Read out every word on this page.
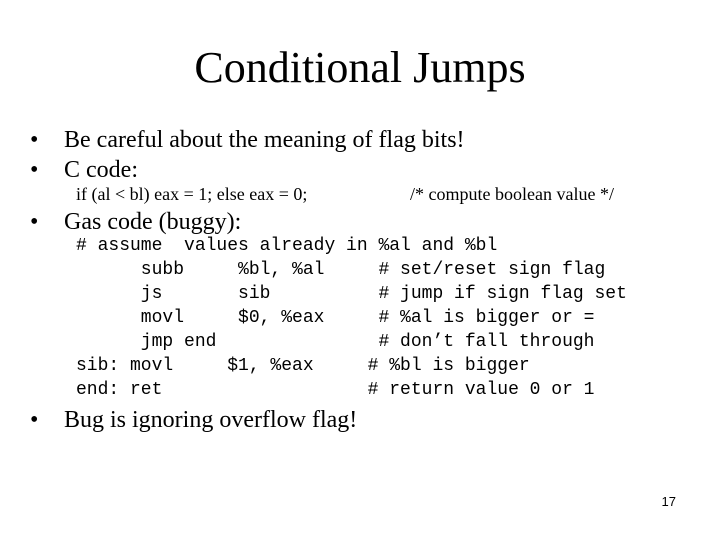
Conditional Jumps
• Be careful about the meaning of flag bits!
• C code:
if (al < bl) eax = 1; else eax = 0;	/* compute boolean value */
• Gas code (buggy):
# assume  values already in %al and %bl
subb     %bl, %al     # set/reset sign flag
js       sib          # jump if sign flag set
movl     $0, %eax     # %al is bigger or =
jmp end               # don’t fall through
sib: movl     $1, %eax     # %bl is bigger
end: ret                   # return value 0 or 1
• Bug is ignoring overflow flag!
17
